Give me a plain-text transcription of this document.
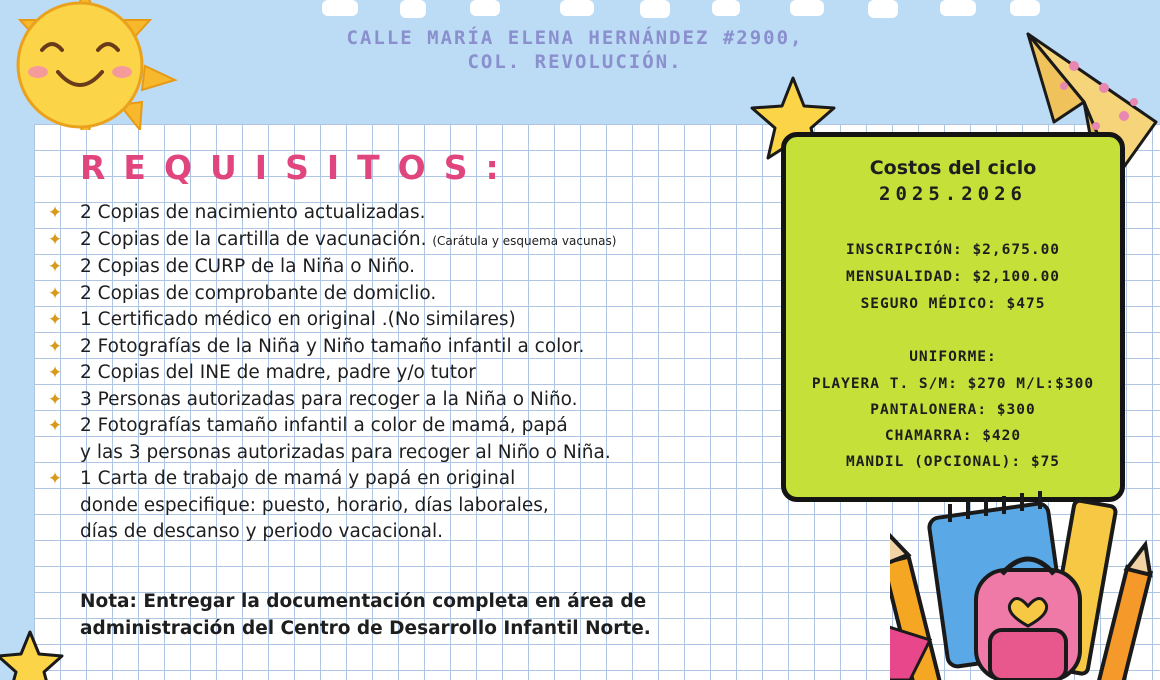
CALLE MARÍA ELENA HERNÁNDEZ #2900,
COL. REVOLUCIÓN.
REQUISITOS:
✦ 2 Copias de nacimiento actualizadas.
✦ 2 Copias de la cartilla de vacunación. (Carátula y esquema vacunas)
✦ 2 Copias de CURP de la Niña o Niño.
✦ 2 Copias de comprobante de domiclio.
✦ 1 Certificado médico en original .(No similares)
✦ 2 Fotografías de la Niña y Niño tamaño infantil a color.
✦ 2 Copias del INE de madre, padre y/o tutor
✦ 3 Personas autorizadas para recoger a la Niña o Niño.
✦ 2 Fotografías tamaño infantil a color de mamá, papá
y las 3 personas autorizadas para recoger al Niño o Niña.
✦ 1 Carta de trabajo de mamá y papá en original
donde especifique: puesto, horario, días laborales,
días de descanso y periodo vacacional.
Nota: Entregar la documentación completa en área de
administración del Centro de Desarrollo Infantil Norte.
Costos del ciclo
2025.2026
INSCRIPCIÓN: $2,675.00
MENSUALIDAD: $2,100.00
SEGURO MÉDICO: $475
UNIFORME:
PLAYERA T. S/M: $270 M/L:$300
PANTALONERA: $300
CHAMARRA: $420
MANDIL (OPCIONAL): $75
